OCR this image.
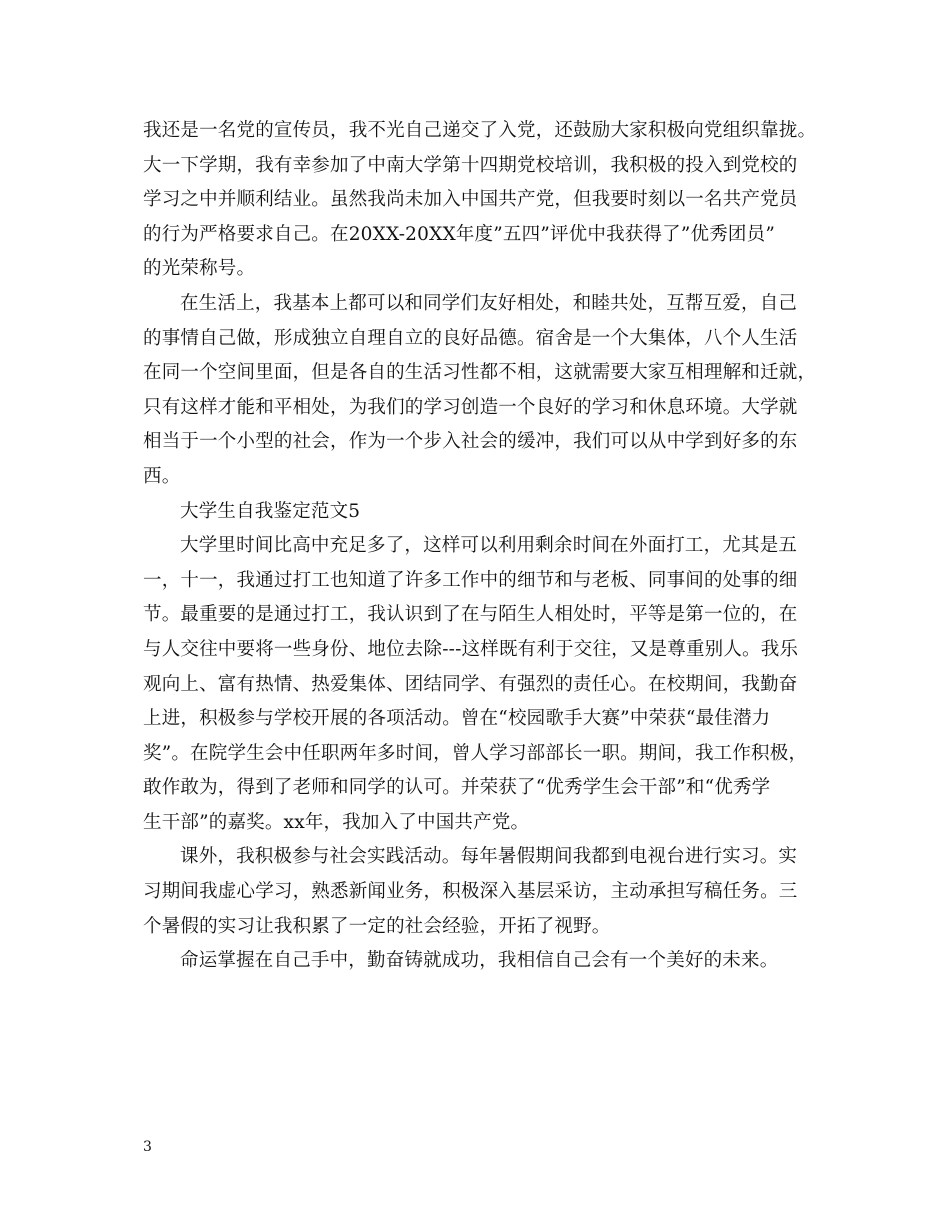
我还是一名党的宣传员，我不光自己递交了入党，还鼓励大家积极向党组织靠拢。
大一下学期，我有幸参加了中南大学第十四期党校培训，我积极的投入到党校的
学习之中并顺利结业。虽然我尚未加入中国共产党，但我要时刻以一名共产党员
的行为严格要求自己。在20XX-20XX年度”五四”评优中我获得了”优秀团员”
的光荣称号。
在生活上，我基本上都可以和同学们友好相处，和睦共处，互帮互爱，自己
的事情自己做，形成独立自理自立的良好品德。宿舍是一个大集体，八个人生活
在同一个空间里面，但是各自的生活习性都不相，这就需要大家互相理解和迁就，
只有这样才能和平相处，为我们的学习创造一个良好的学习和休息环境。大学就
相当于一个小型的社会，作为一个步入社会的缓冲，我们可以从中学到好多的东
西。
大学生自我鉴定范文5
大学里时间比高中充足多了，这样可以利用剩余时间在外面打工，尤其是五
一，十一，我通过打工也知道了许多工作中的细节和与老板、同事间的处事的细
节。最重要的是通过打工，我认识到了在与陌生人相处时，平等是第一位的，在
与人交往中要将一些身份、地位去除---这样既有利于交往，又是尊重别人。我乐
观向上、富有热情、热爱集体、团结同学、有强烈的责任心。在校期间，我勤奋
上进，积极参与学校开展的各项活动。曾在“校园歌手大赛”中荣获“最佳潜力
奖”。在院学生会中任职两年多时间，曾人学习部部长一职。期间，我工作积极，
敢作敢为，得到了老师和同学的认可。并荣获了“优秀学生会干部”和“优秀学
生干部”的嘉奖。xx年，我加入了中国共产党。
课外，我积极参与社会实践活动。每年暑假期间我都到电视台进行实习。实
习期间我虚心学习，熟悉新闻业务，积极深入基层采访，主动承担写稿任务。三
个暑假的实习让我积累了一定的社会经验，开拓了视野。
命运掌握在自己手中，勤奋铸就成功，我相信自己会有一个美好的未来。
3
